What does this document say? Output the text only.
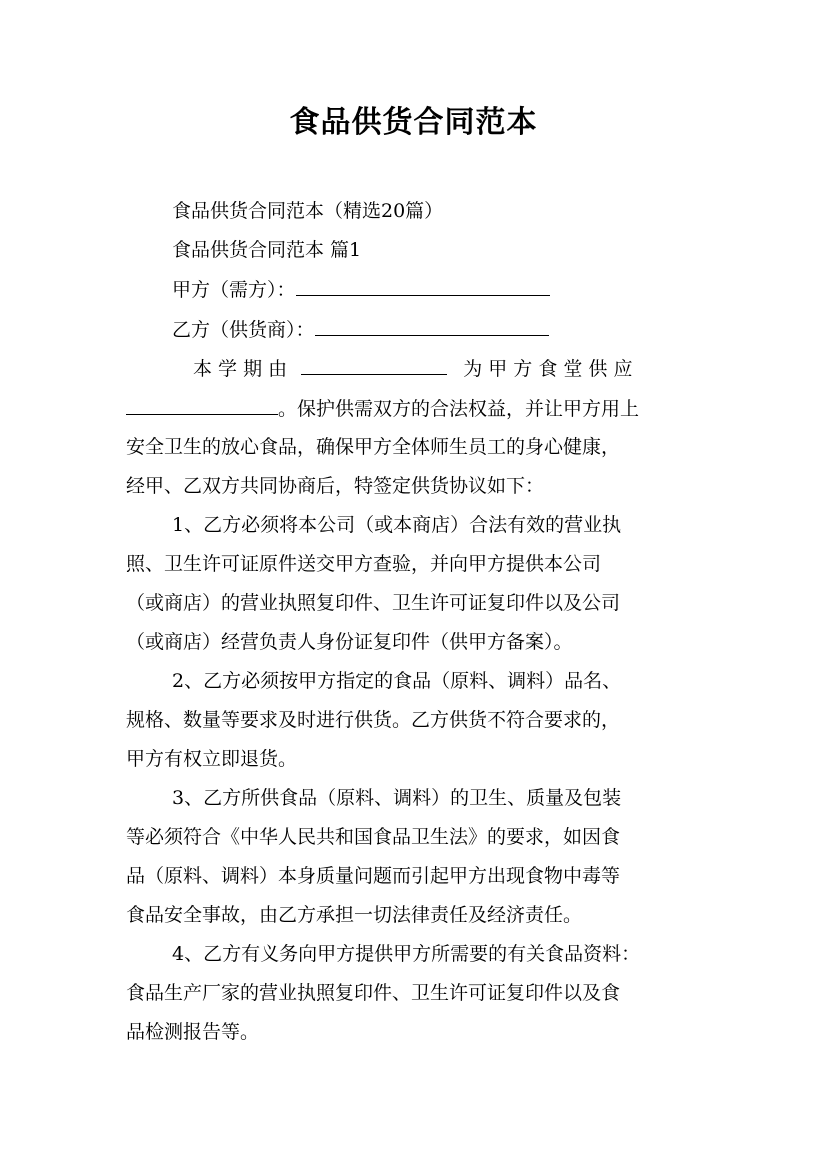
食品供货合同范本
食品供货合同范本（精选20篇）
食品供货合同范本 篇1
甲方（需方）：
乙方（供货商）：
本 学 期 由	为 甲 方 食 堂 供 应
。保护供需双方的合法权益，并让甲方用上
安全卫生的放心食品，确保甲方全体师生员工的身心健康，
经甲、乙双方共同协商后，特签定供货协议如下：
1、乙方必须将本公司（或本商店）合法有效的营业执
照、卫生许可证原件送交甲方查验，并向甲方提供本公司
（或商店）的营业执照复印件、卫生许可证复印件以及公司
（或商店）经营负责人身份证复印件（供甲方备案）。
2、乙方必须按甲方指定的食品（原料、调料）品名、
规格、数量等要求及时进行供货。乙方供货不符合要求的，
甲方有权立即退货。
3、乙方所供食品（原料、调料）的卫生、质量及包装
等必须符合《中华人民共和国食品卫生法》的要求，如因食
品（原料、调料）本身质量问题而引起甲方出现食物中毒等
食品安全事故，由乙方承担一切法律责任及经济责任。
4、乙方有义务向甲方提供甲方所需要的有关食品资料：
食品生产厂家的营业执照复印件、卫生许可证复印件以及食
品检测报告等。
